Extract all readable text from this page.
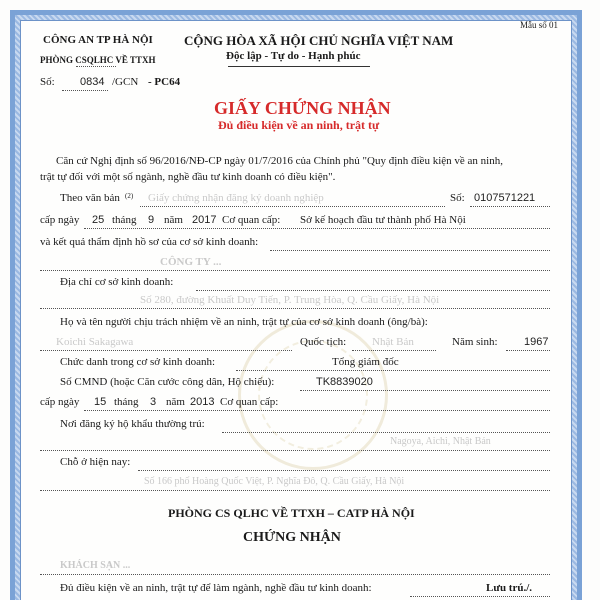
Mẫu số 01
CÔNG AN TP HÀ NỘI
PHÒNG CSQLHC VỀ TTXH
Số: 0834 /GCN - PC64
CỘNG HÒA XÃ HỘI CHỦ NGHĨA VIỆT NAM
Độc lập - Tự do - Hạnh phúc
GIẤY CHỨNG NHẬN
Đủ điều kiện về an ninh, trật tự
Căn cứ Nghị định số 96/2016/NĐ-CP ngày 01/7/2016 của Chính phủ "Quy định điều kiện về an ninh,
trật tự đối với một số ngành, nghề đầu tư kinh doanh có điều kiện".
Theo văn bản (2) Giấy chứng nhận đăng ký doanh nghiệp	Số: 0107571221
cấp ngày 25 tháng 9 năm 2017 Cơ quan cấp: Sở kế hoạch đầu tư thành phố Hà Nội
và kết quả thẩm định hồ sơ của cơ sở kinh doanh:
CÔNG TY ...
Địa chỉ cơ sở kinh doanh:
Số 280, đường Khuất Duy Tiến, P. Trung Hòa, Q. Cầu Giấy, Hà Nội
Họ và tên người chịu trách nhiệm về an ninh, trật tự của cơ sở kinh doanh (ông/bà):
Koichi Sakagawa	Quốc tịch: Nhật Bản	Năm sinh: 1967
Chức danh trong cơ sở kinh doanh:	Tổng giám đốc
Số CMND (hoặc Căn cước công dân, Hộ chiếu):	TK8839020
cấp ngày 15 tháng 3 năm 2013 Cơ quan cấp:
Nơi đăng ký hộ khẩu thường trú:
Nagoya, Aichi, Nhật Bản
Chỗ ở hiện nay:
Số 166 phố Hoàng Quốc Việt, P. Nghĩa Đô, Q. Cầu Giấy, Hà Nội
PHÒNG CS QLHC VỀ TTXH – CATP HÀ NỘI
CHỨNG NHẬN
KHÁCH SẠN ...
Đủ điều kiện về an ninh, trật tự để làm ngành, nghề đầu tư kinh doanh:	Lưu trú./.
